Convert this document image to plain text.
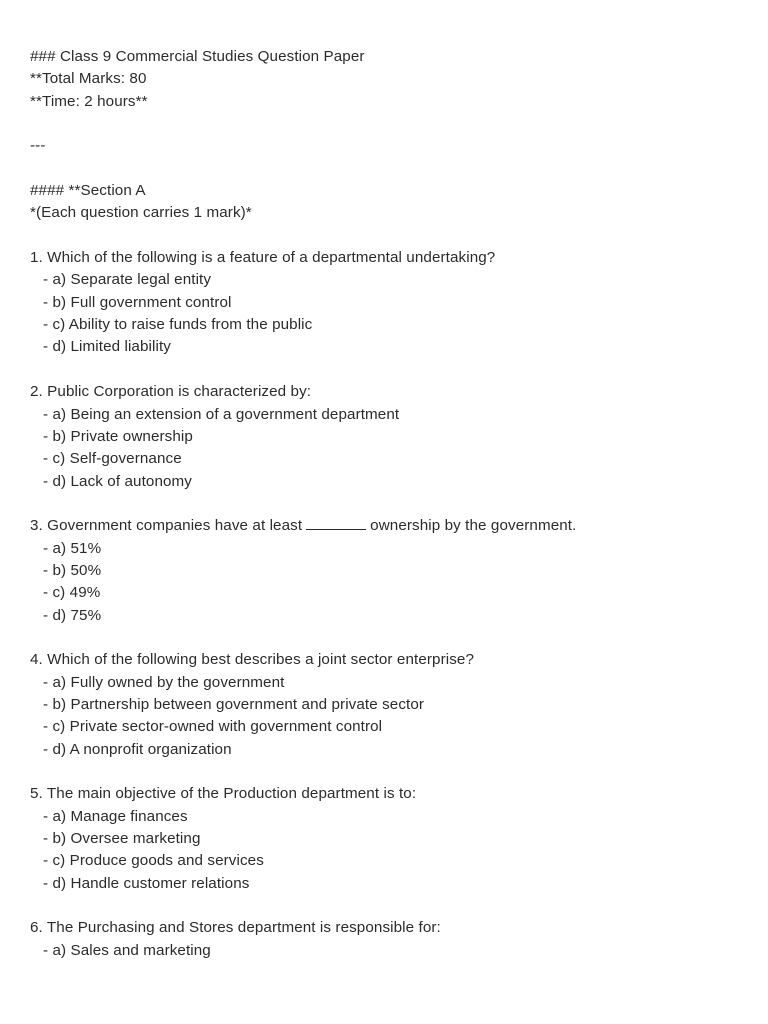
### Class 9 Commercial Studies Question Paper
**Total Marks: 80
**Time: 2 hours**
---
#### **Section A
*(Each question carries 1 mark)*
1. Which of the following is a feature of a departmental undertaking?
- a) Separate legal entity
- b) Full government control
- c) Ability to raise funds from the public
- d) Limited liability
2. Public Corporation is characterized by:
- a) Being an extension of a government department
- b) Private ownership
- c) Self-governance
- d) Lack of autonomy
3. Government companies have at least	ownership by the government.
- a) 51%
- b) 50%
- c) 49%
- d) 75%
4. Which of the following best describes a joint sector enterprise?
- a) Fully owned by the government
- b) Partnership between government and private sector
- c) Private sector-owned with government control
- d) A nonprofit organization
5. The main objective of the Production department is to:
- a) Manage finances
- b) Oversee marketing
- c) Produce goods and services
- d) Handle customer relations
6. The Purchasing and Stores department is responsible for:
- a) Sales and marketing
